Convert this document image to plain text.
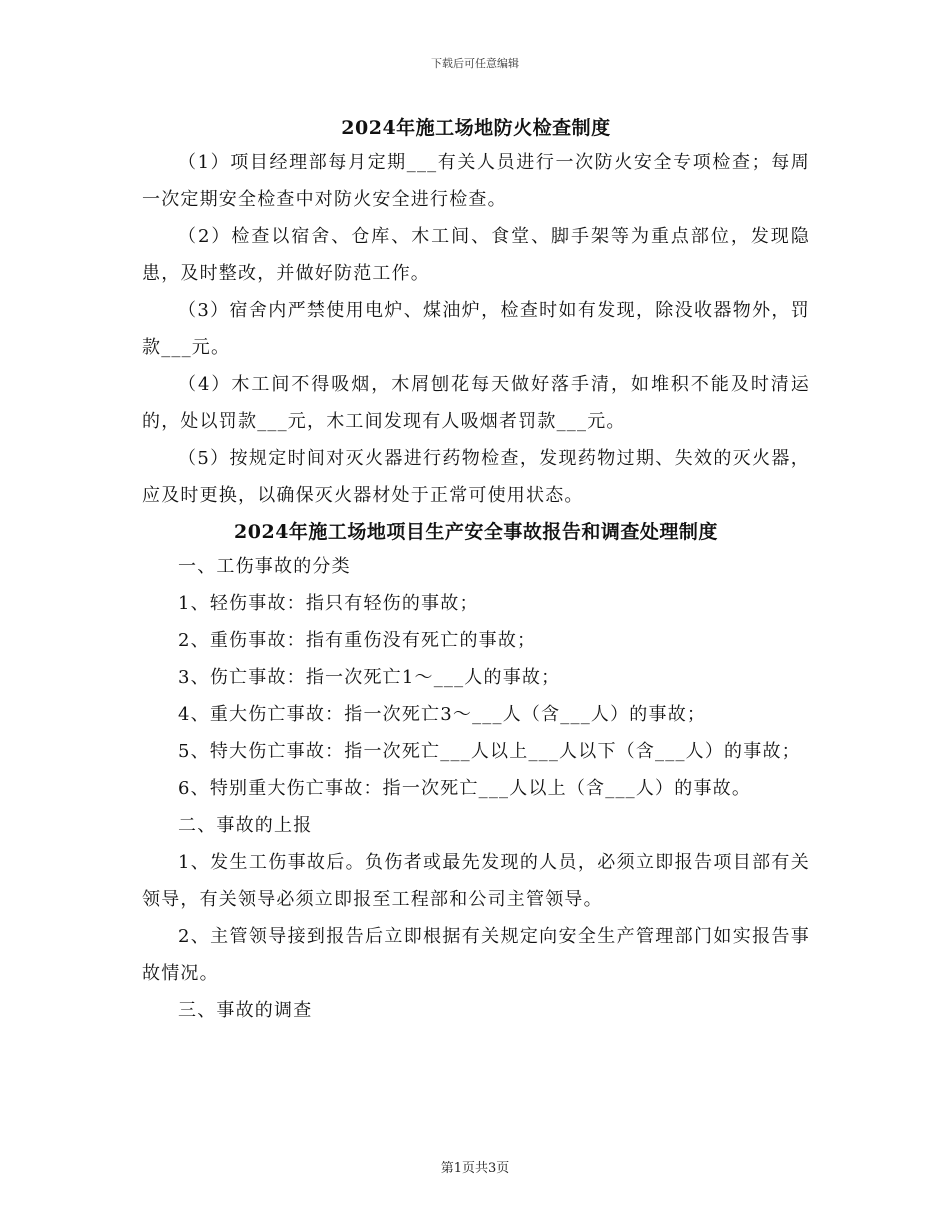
下载后可任意编辑
2024年施工场地防火检查制度

（1）项目经理部每月定期___有关人员进行一次防火安全专项检查；每周一次定期安全检查中对防火安全进行检查。

（2）检查以宿舍、仓库、木工间、食堂、脚手架等为重点部位，发现隐患，及时整改，并做好防范工作。

（3）宿舍内严禁使用电炉、煤油炉，检查时如有发现，除没收器物外，罚款___元。

（4）木工间不得吸烟，木屑刨花每天做好落手清，如堆积不能及时清运的，处以罚款___元，木工间发现有人吸烟者罚款___元。

（5）按规定时间对灭火器进行药物检查，发现药物过期、失效的灭火器，应及时更换，以确保灭火器材处于正常可使用状态。

2024年施工场地项目生产安全事故报告和调查处理制度

一、工伤事故的分类

1、轻伤事故：指只有轻伤的事故；

2、重伤事故：指有重伤没有死亡的事故；

3、伤亡事故：指一次死亡1～___人的事故；

4、重大伤亡事故：指一次死亡3～___人（含___人）的事故；

5、特大伤亡事故：指一次死亡___人以上___人以下（含___人）的事故；

6、特别重大伤亡事故：指一次死亡___人以上（含___人）的事故。

二、事故的上报

1、发生工伤事故后。负伤者或最先发现的人员，必须立即报告项目部有关领导，有关领导必须立即报至工程部和公司主管领导。

2、主管领导接到报告后立即根据有关规定向安全生产管理部门如实报告事故情况。

三、事故的调查

第1页共3页
